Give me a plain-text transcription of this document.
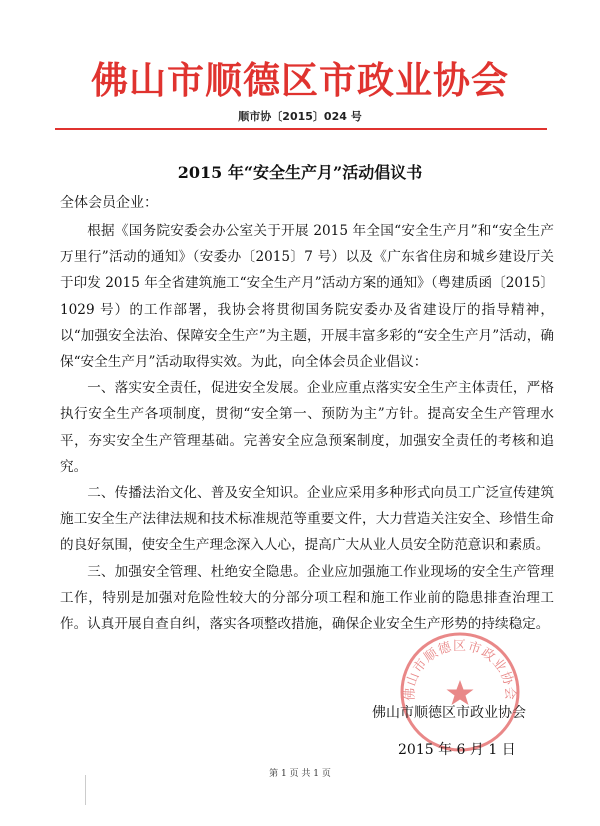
佛山市顺德区市政业协会
顺市协〔2015〕024 号
2015 年“安全生产月”活动倡议书
全体会员企业：

根据《国务院安委会办公室关于开展 2015 年全国“安全生产月”和“安全生产万里行”活动的通知》（安委办〔2015〕7 号）以及《广东省住房和城乡建设厅关于印发 2015 年全省建筑施工“安全生产月”活动方案的通知》（粤建质函〔2015〕1029 号）的工作部署，我协会将贯彻国务院安委办及省建设厅的指导精神，以“加强安全法治、保障安全生产”为主题，开展丰富多彩的“安全生产月”活动，确保“安全生产月”活动取得实效。为此，向全体会员企业倡议：

一、落实安全责任，促进安全发展。企业应重点落实安全生产主体责任，严格执行安全生产各项制度，贯彻“安全第一、预防为主”方针。提高安全生产管理水平，夯实安全生产管理基础。完善安全应急预案制度，加强安全责任的考核和追究。

二、传播法治文化、普及安全知识。企业应采用多种形式向员工广泛宣传建筑施工安全生产法律法规和技术标准规范等重要文件，大力营造关注安全、珍惜生命的良好氛围，使安全生产理念深入人心，提高广大从业人员安全防范意识和素质。

三、加强安全管理、杜绝安全隐患。企业应加强施工作业现场的安全生产管理工作，特别是加强对危险性较大的分部分项工程和施工作业前的隐患排查治理工作。认真开展自查自纠，落实各项整改措施，确保企业安全生产形势的持续稳定。

佛山市顺德区市政业协会
佛山市顺德区市政业协会
2015 年 6 月 1 日
第 1 页 共 1 页
